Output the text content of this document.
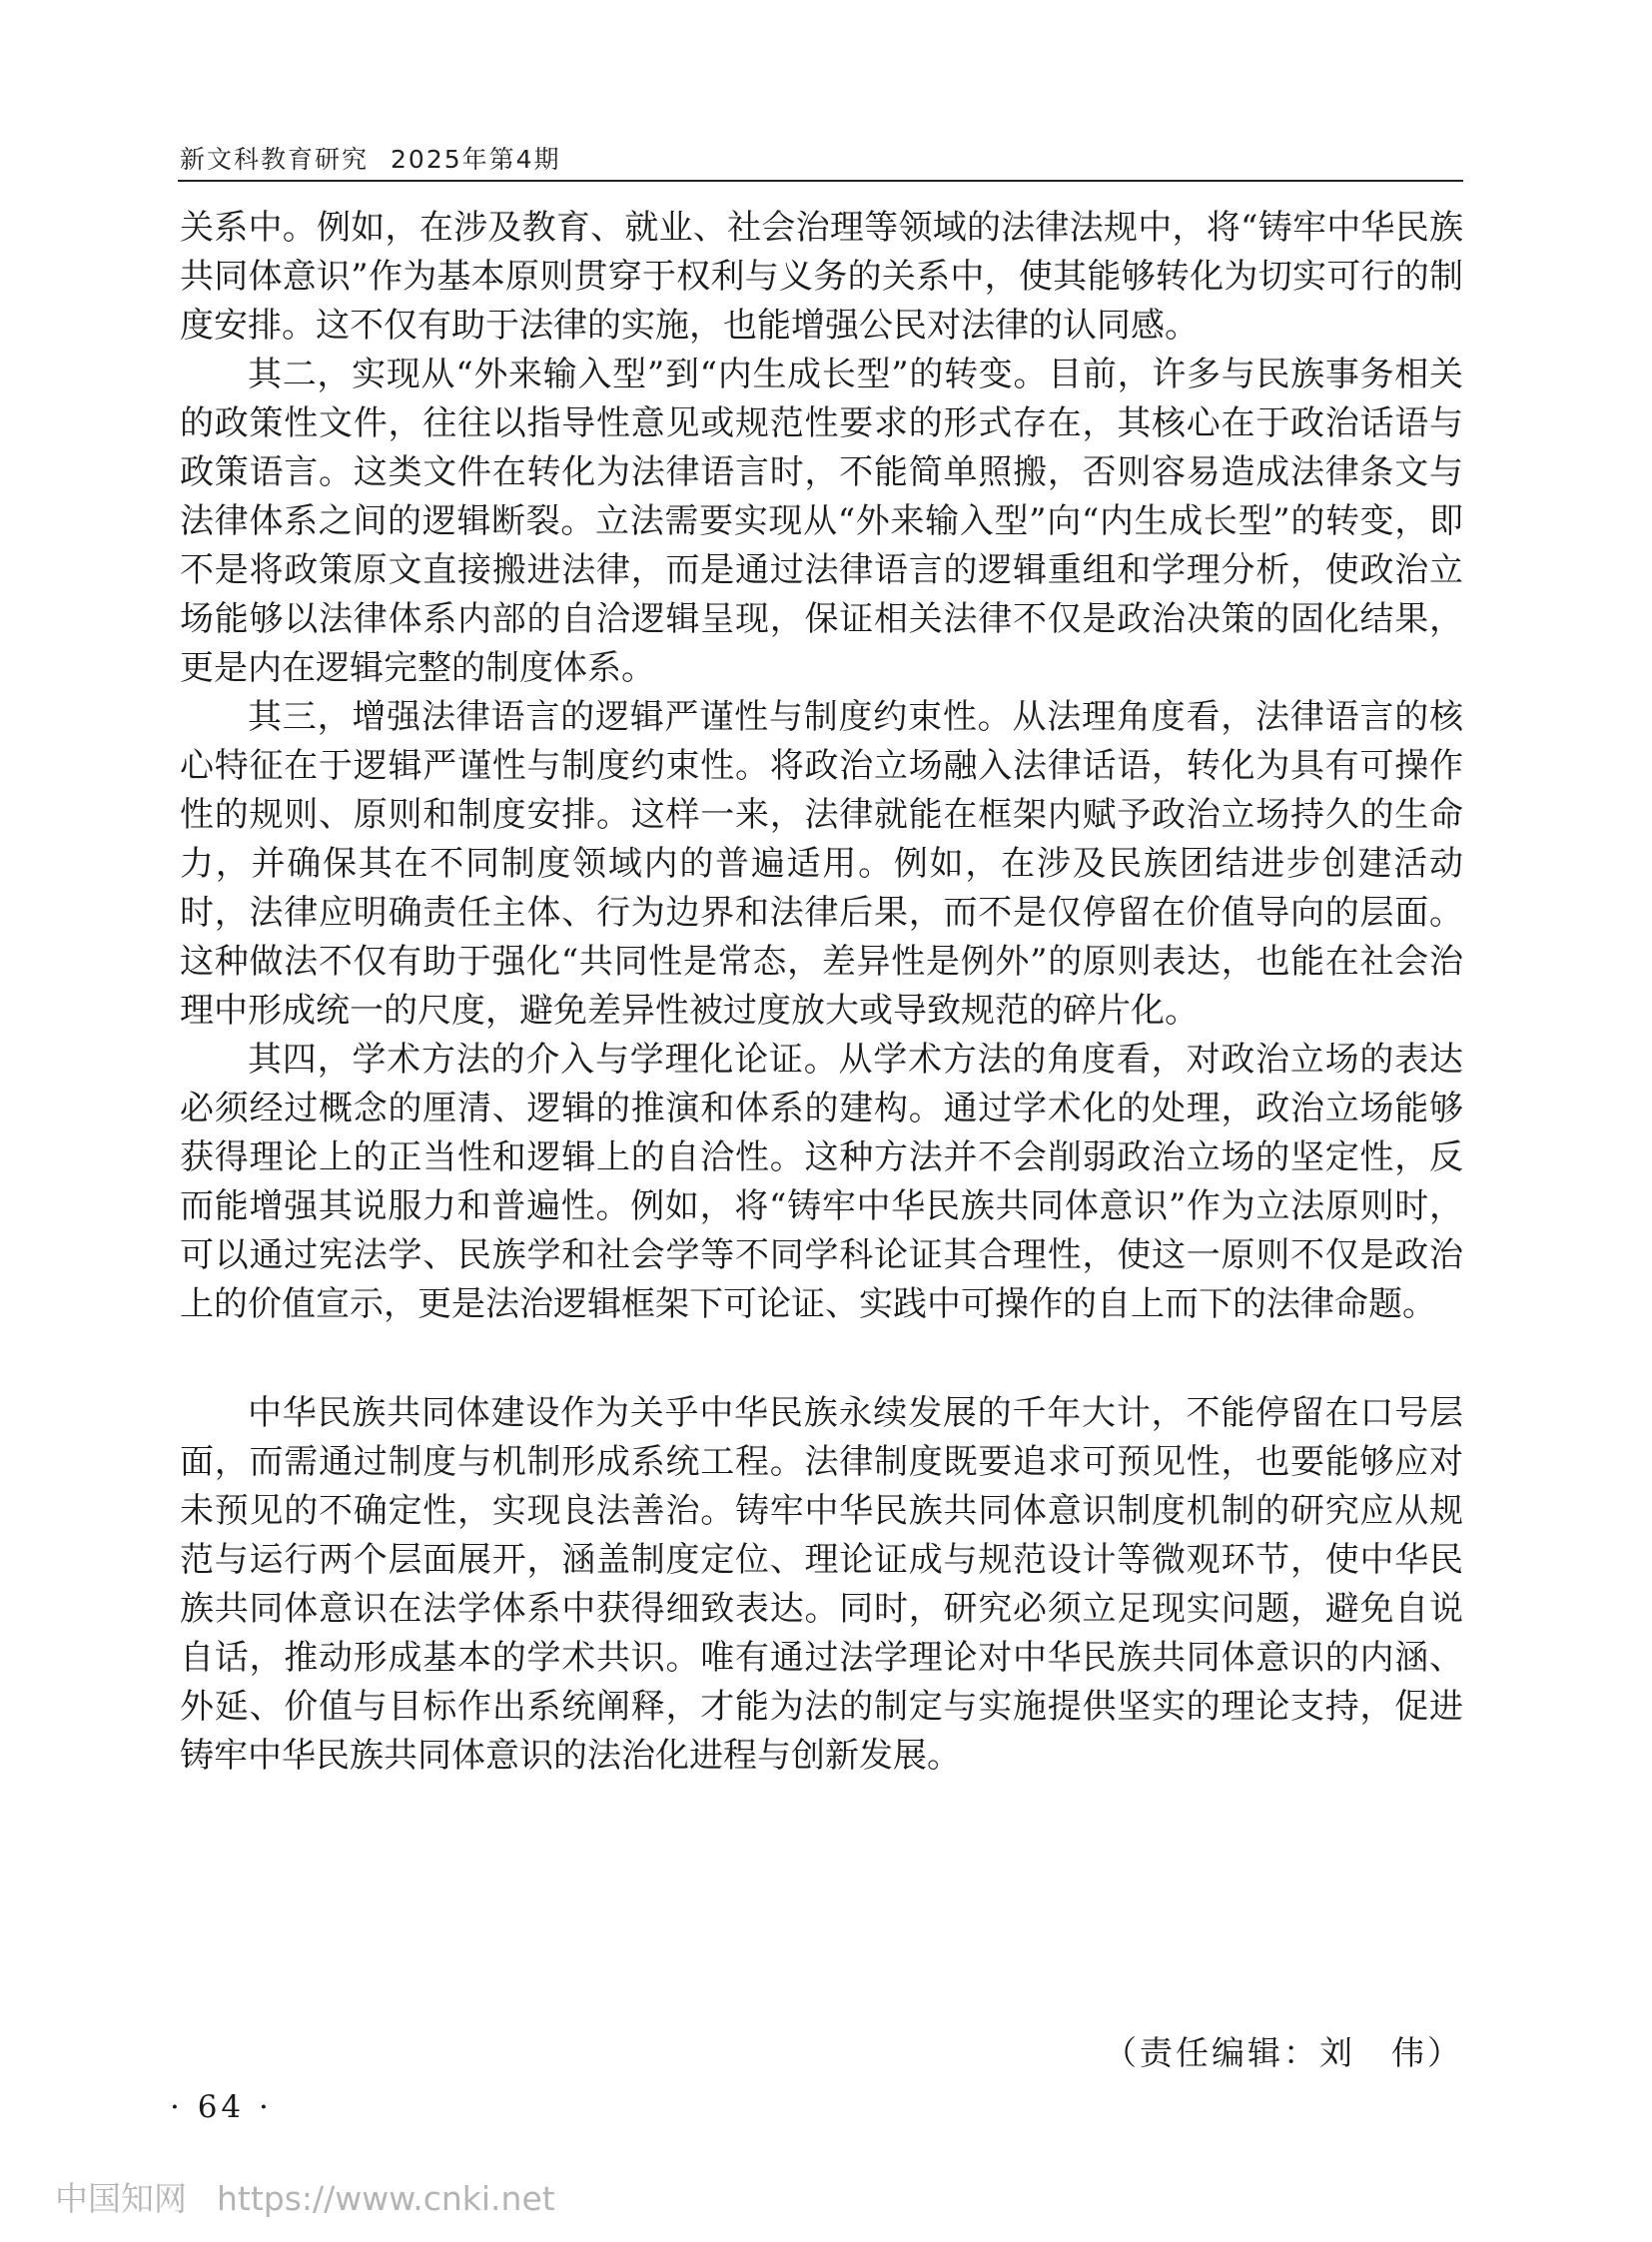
新文科教育研究 2025年第4期

关系中。例如，在涉及教育、就业、社会治理等领域的法律法规中，将“铸牢中华民族共同体意识”作为基本原则贯穿于权利与义务的关系中，使其能够转化为切实可行的制度安排。这不仅有助于法律的实施，也能增强公民对法律的认同感。

其二，实现从“外来输入型”到“内生成长型”的转变。目前，许多与民族事务相关的政策性文件，往往以指导性意见或规范性要求的形式存在，其核心在于政治话语与政策语言。这类文件在转化为法律语言时，不能简单照搬，否则容易造成法律条文与法律体系之间的逻辑断裂。立法需要实现从“外来输入型”向“内生成长型”的转变，即不是将政策原文直接搬进法律，而是通过法律语言的逻辑重组和学理分析，使政治立场能够以法律体系内部的自洽逻辑呈现，保证相关法律不仅是政治决策的固化结果，更是内在逻辑完整的制度体系。

其三，增强法律语言的逻辑严谨性与制度约束性。从法理角度看，法律语言的核心特征在于逻辑严谨性与制度约束性。将政治立场融入法律话语，转化为具有可操作性的规则、原则和制度安排。这样一来，法律就能在框架内赋予政治立场持久的生命力，并确保其在不同制度领域内的普遍适用。例如，在涉及民族团结进步创建活动时，法律应明确责任主体、行为边界和法律后果，而不是仅停留在价值导向的层面。这种做法不仅有助于强化“共同性是常态，差异性是例外”的原则表达，也能在社会治理中形成统一的尺度，避免差异性被过度放大或导致规范的碎片化。

其四，学术方法的介入与学理化论证。从学术方法的角度看，对政治立场的表达必须经过概念的厘清、逻辑的推演和体系的建构。通过学术化的处理，政治立场能够获得理论上的正当性和逻辑上的自洽性。这种方法并不会削弱政治立场的坚定性，反而能增强其说服力和普遍性。例如，将“铸牢中华民族共同体意识”作为立法原则时，可以通过宪法学、民族学和社会学等不同学科论证其合理性，使这一原则不仅是政治上的价值宣示，更是法治逻辑框架下可论证、实践中可操作的自上而下的法律命题。

中华民族共同体建设作为关乎中华民族永续发展的千年大计，不能停留在口号层面，而需通过制度与机制形成系统工程。法律制度既要追求可预见性，也要能够应对未预见的不确定性，实现良法善治。铸牢中华民族共同体意识制度机制的研究应从规范与运行两个层面展开，涵盖制度定位、理论证成与规范设计等微观环节，使中华民族共同体意识在法学体系中获得细致表达。同时，研究必须立足现实问题，避免自说自话，推动形成基本的学术共识。唯有通过法学理论对中华民族共同体意识的内涵、外延、价值与目标作出系统阐释，才能为法的制定与实施提供坚实的理论支持，促进铸牢中华民族共同体意识的法治化进程与创新发展。

（责任编辑：刘　伟）
· 64 ·
中国知网 https://www.cnki.net
